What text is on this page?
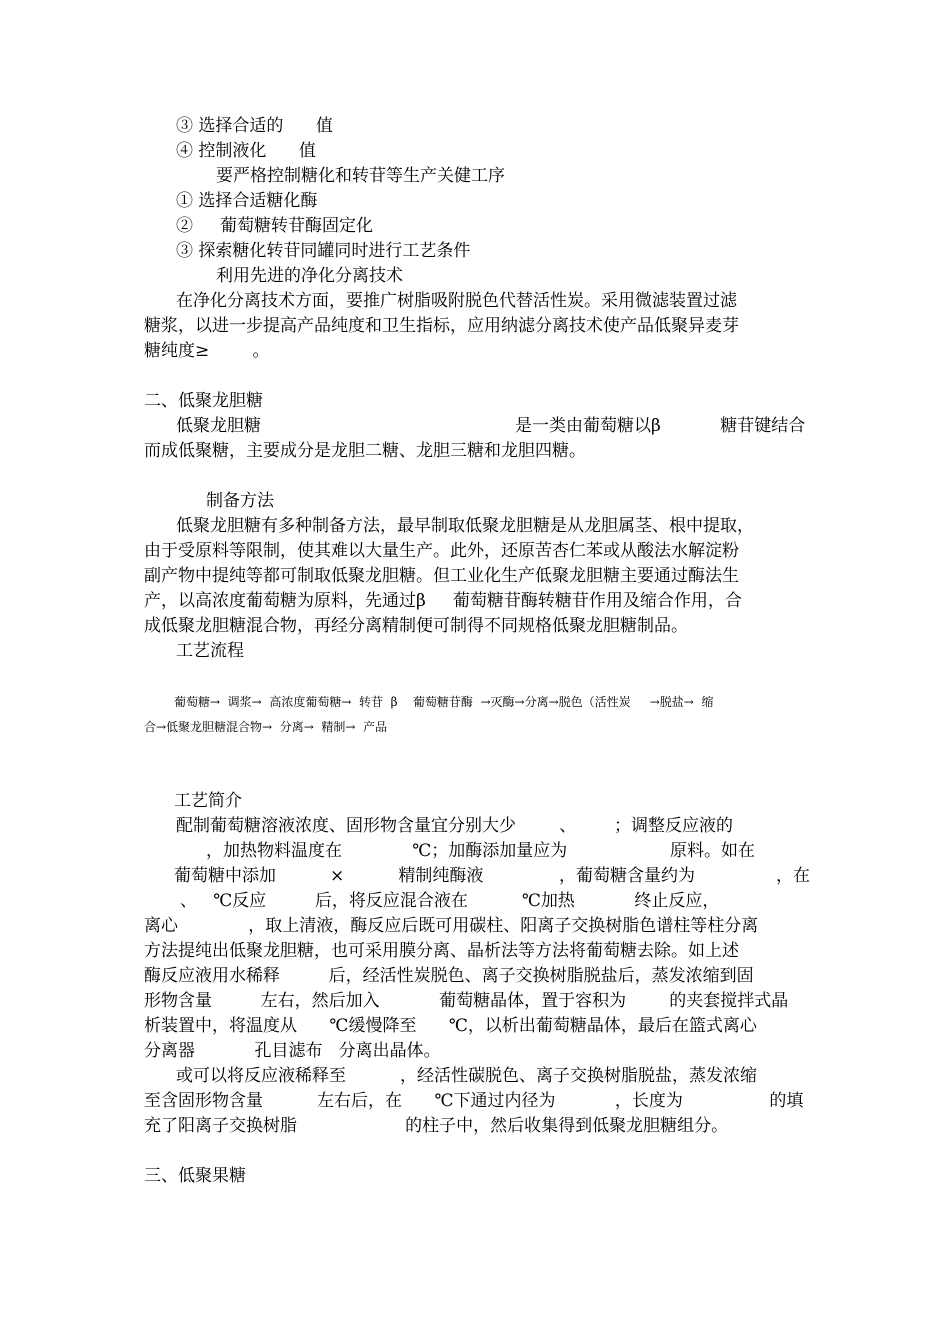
③ 选择合适的      值
④ 控制液化      值
要严格控制糖化和转苷等生产关健工序
① 选择合适糖化酶
②     葡萄糖转苷酶固定化
③ 探索糖化转苷同罐同时进行工艺条件
利用先进的净化分离技术
在净化分离技术方面，要推广树脂吸附脱色代替活性炭。采用微滤装置过滤
糖浆，以进一步提高产品纯度和卫生指标，应用纳滤分离技术使产品低聚异麦芽
糖纯度≥        。
二、低聚龙胆糖
低聚龙胆糖                                               是一类由葡萄糖以β           糖苷键结合
而成低聚糖，主要成分是龙胆二糖、龙胆三糖和龙胆四糖。
制备方法
低聚龙胆糖有多种制备方法，最早制取低聚龙胆糖是从龙胆属茎、根中提取，
由于受原料等限制，使其难以大量生产。此外，还原苦杏仁苯或从酸法水解淀粉
副产物中提纯等都可制取低聚龙胆糖。但工业化生产低聚龙胆糖主要通过酶法生
产，以高浓度葡萄糖为原料，先通过β     葡萄糖苷酶转糖苷作用及缩合作用，合
成低聚龙胆糖混合物，再经分离精制便可制得不同规格低聚龙胆糖制品。
工艺流程
葡萄糖→  调浆→  高浓度葡萄糖→  转苷  β    葡萄糖苷酶  →灭酶→分离→脱色（活性炭     →脱盐→  缩
合→低聚龙胆糖混合物→  分离→  精制→  产品
工艺简介
配制葡萄糖溶液浓度、固形物含量宜分别大少        、       ；调整反应液的
，加热物料温度在             ℃；加酶添加量应为                   原料。如在
葡萄糖中添加          ×          精制纯酶液              ，葡萄糖含量约为               ，在
、   ℃反应         后，将反应混合液在          ℃加热           终止反应，
离心             ，取上清液，酶反应后既可用碳柱、阳离子交换树脂色谱柱等柱分离
方法提纯出低聚龙胆糖，也可采用膜分离、晶析法等方法将葡萄糖去除。如上述
酶反应液用水稀释         后，经活性炭脱色、离子交换树脂脱盐后，蒸发浓缩到固
形物含量         左右，然后加入           葡萄糖晶体，置于容积为        的夹套搅拌式晶
析装置中，将温度从      ℃缓慢降至      ℃，以析出葡萄糖晶体，最后在篮式离心
分离器           孔目滤布   分离出晶体。
或可以将反应液稀释至          ，经活性碳脱色、离子交换树脂脱盐，蒸发浓缩
至含固形物含量          左右后，在      ℃下通过内径为           ，长度为                的填
充了阳离子交换树脂                    的柱子中，然后收集得到低聚龙胆糖组分。
三、低聚果糖
